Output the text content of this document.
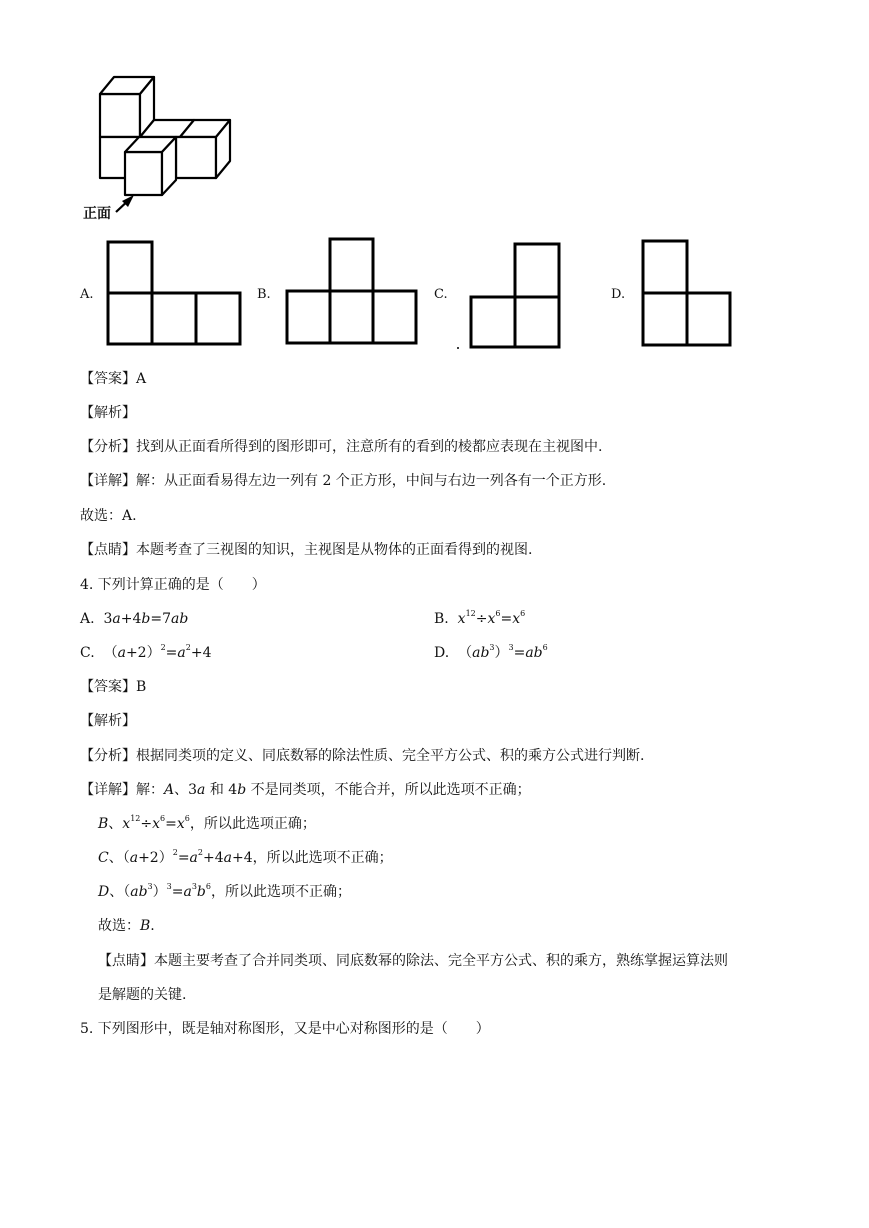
正面
A.	B.	C.	D.
【答案】A
【解析】
【分析】找到从正面看所得到的图形即可，注意所有的看到的棱都应表现在主视图中.
【详解】解：从正面看易得左边一列有 2 个正方形，中间与右边一列各有一个正方形.
故选：A.
【点睛】本题考查了三视图的知识，主视图是从物体的正面看得到的视图.
4. 下列计算正确的是（　　）
A. 3a+4b=7ab	B. $x^{12}\div x^6=x^6$
C. $(a+2)^2=a^2+4$	D. $(ab^3)^3=ab^6$
【答案】B
【解析】
【分析】根据同类项的定义、同底数幂的除法性质、完全平方公式、积的乘方公式进行判断.
【详解】解：A、3a 和 4b 不是同类项，不能合并，所以此选项不正确；
B、$x^{12}\div x^6=x^6$，所以此选项正确；
C、$(a+2)^2=a^2+4a+4$，所以此选项不正确；
D、$(ab^3)^3=a^3b^6$，所以此选项不正确；
故选：B.
【点睛】本题主要考查了合并同类项、同底数幂的除法、完全平方公式、积的乘方，熟练掌握运算法则
是解题的关键.
5. 下列图形中，既是轴对称图形，又是中心对称图形的是（　　）
